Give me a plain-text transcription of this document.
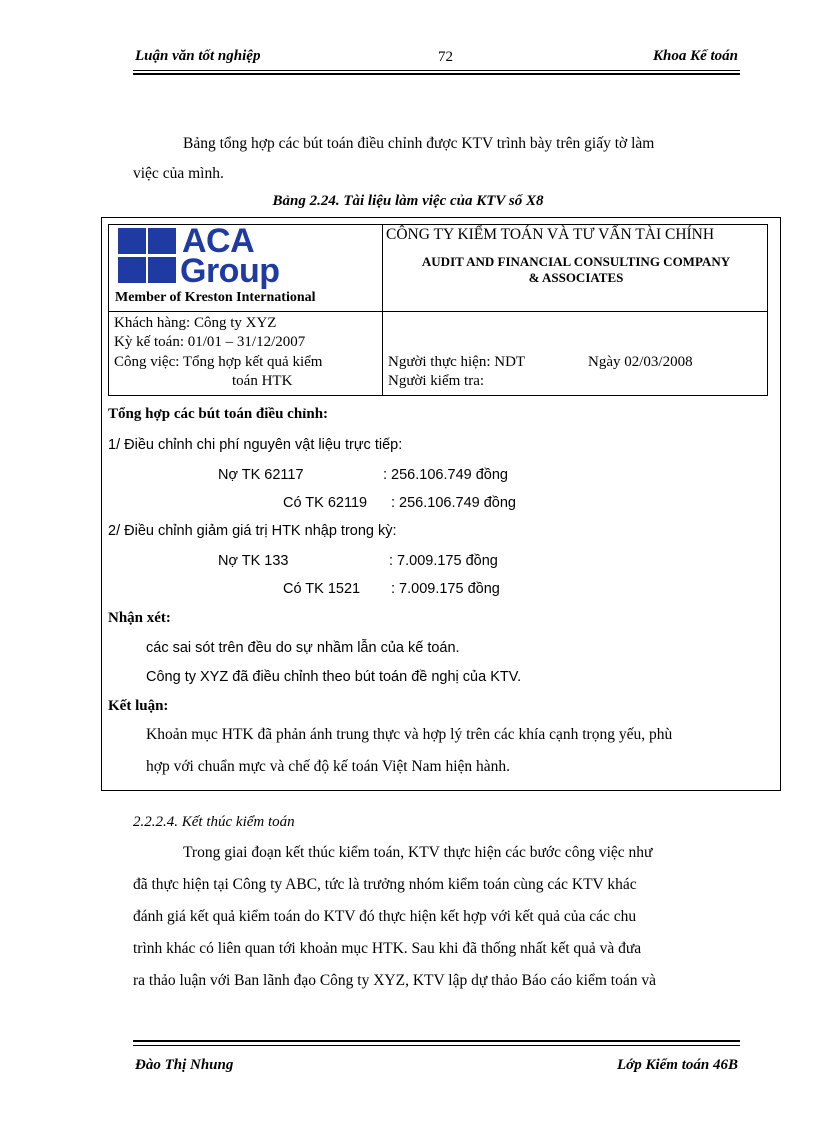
Luận văn tốt nghiệp	72	Khoa Kế toán
Bảng tổng hợp các bút toán điều chỉnh được KTV trình bày trên giấy tờ làm
việc của mình.
Bảng 2.24. Tài liệu làm việc của KTV số X8
ACA
Group
Member of Kreston International
CÔNG TY KIỂM TOÁN VÀ TƯ VẤN TÀI CHÍNH
AUDIT AND FINANCIAL CONSULTING COMPANY
& ASSOCIATES
Khách hàng: Công ty XYZ
Kỳ kế toán: 01/01 – 31/12/2007
Công việc: Tổng hợp kết quả kiểm
toán HTK
Người thực hiện: NDT	Ngày 02/03/2008
Người kiểm tra:
Tổng hợp các bút toán điều chỉnh:
1/ Điều chỉnh chi phí nguyên vật liệu trực tiếp:
Nợ TK 62117	: 256.106.749 đồng
Có TK 62119 : 256.106.749 đồng
2/ Điều chỉnh giảm giá trị HTK nhập trong kỳ:
Nợ TK 133	: 7.009.175 đồng
Có TK 1521 : 7.009.175 đồng
Nhận xét:
các sai sót trên đều do sự nhầm lẫn của kế toán.
Công ty XYZ đã điều chỉnh theo bút toán đề nghị của KTV.
Kết luận:
Khoản mục HTK đã phản ánh trung thực và hợp lý trên các khía cạnh trọng yếu, phù
hợp với chuẩn mực và chế độ kế toán Việt Nam hiện hành.
2.2.2.4. Kết thúc kiểm toán
Trong giai đoạn kết thúc kiểm toán, KTV thực hiện các bước công việc như
đã thực hiện tại Công ty ABC, tức là trưởng nhóm kiểm toán cùng các KTV khác
đánh giá kết quả kiểm toán do KTV đó thực hiện kết hợp với kết quả của các chu
trình khác có liên quan tới khoản mục HTK. Sau khi đã thống nhất kết quả và đưa
ra thảo luận với Ban lãnh đạo Công ty XYZ, KTV lập dự thảo Báo cáo kiểm toán và
Đào Thị Nhung	Lớp Kiểm toán 46B
